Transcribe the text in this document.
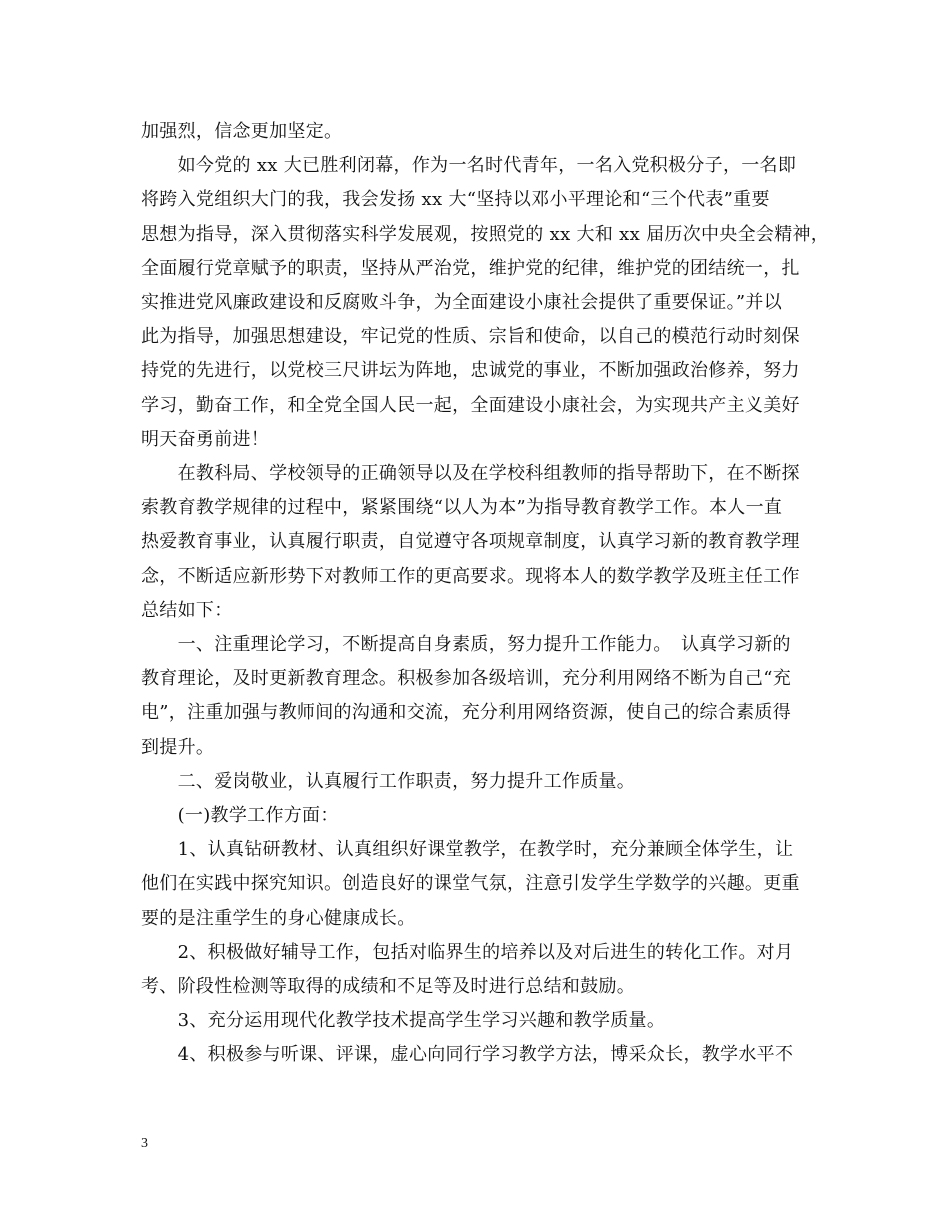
加强烈，信念更加坚定。
　　如今党的 xx 大已胜利闭幕，作为一名时代青年，一名入党积极分子，一名即
将跨入党组织大门的我，我会发扬 xx 大“坚持以邓小平理论和“三个代表”重要
思想为指导，深入贯彻落实科学发展观，按照党的 xx 大和 xx 届历次中央全会精神，
全面履行党章赋予的职责，坚持从严治党，维护党的纪律，维护党的团结统一，扎
实推进党风廉政建设和反腐败斗争，为全面建设小康社会提供了重要保证。”并以
此为指导，加强思想建设，牢记党的性质、宗旨和使命，以自己的模范行动时刻保
持党的先进行，以党校三尺讲坛为阵地，忠诚党的事业，不断加强政治修养，努力
学习，勤奋工作，和全党全国人民一起，全面建设小康社会，为实现共产主义美好
明天奋勇前进！
　　在教科局、学校领导的正确领导以及在学校科组教师的指导帮助下，在不断探
索教育教学规律的过程中，紧紧围绕“以人为本”为指导教育教学工作。本人一直
热爱教育事业，认真履行职责，自觉遵守各项规章制度，认真学习新的教育教学理
念，不断适应新形势下对教师工作的更高要求。现将本人的数学教学及班主任工作
总结如下：
　　一、注重理论学习，不断提高自身素质，努力提升工作能力。　认真学习新的
教育理论，及时更新教育理念。积极参加各级培训，充分利用网络不断为自己“充
电”，注重加强与教师间的沟通和交流，充分利用网络资源，使自己的综合素质得
到提升。
　　二、爱岗敬业，认真履行工作职责，努力提升工作质量。
　　(一)教学工作方面：
　　1、认真钻研教材、认真组织好课堂教学，在教学时，充分兼顾全体学生，让
他们在实践中探究知识。创造良好的课堂气氛，注意引发学生学数学的兴趣。更重
要的是注重学生的身心健康成长。
　　2、积极做好辅导工作，包括对临界生的培养以及对后进生的转化工作。对月
考、阶段性检测等取得的成绩和不足等及时进行总结和鼓励。
　　3、充分运用现代化教学技术提高学生学习兴趣和教学质量。
　　4、积极参与听课、评课，虚心向同行学习教学方法，博采众长，教学水平不
3
